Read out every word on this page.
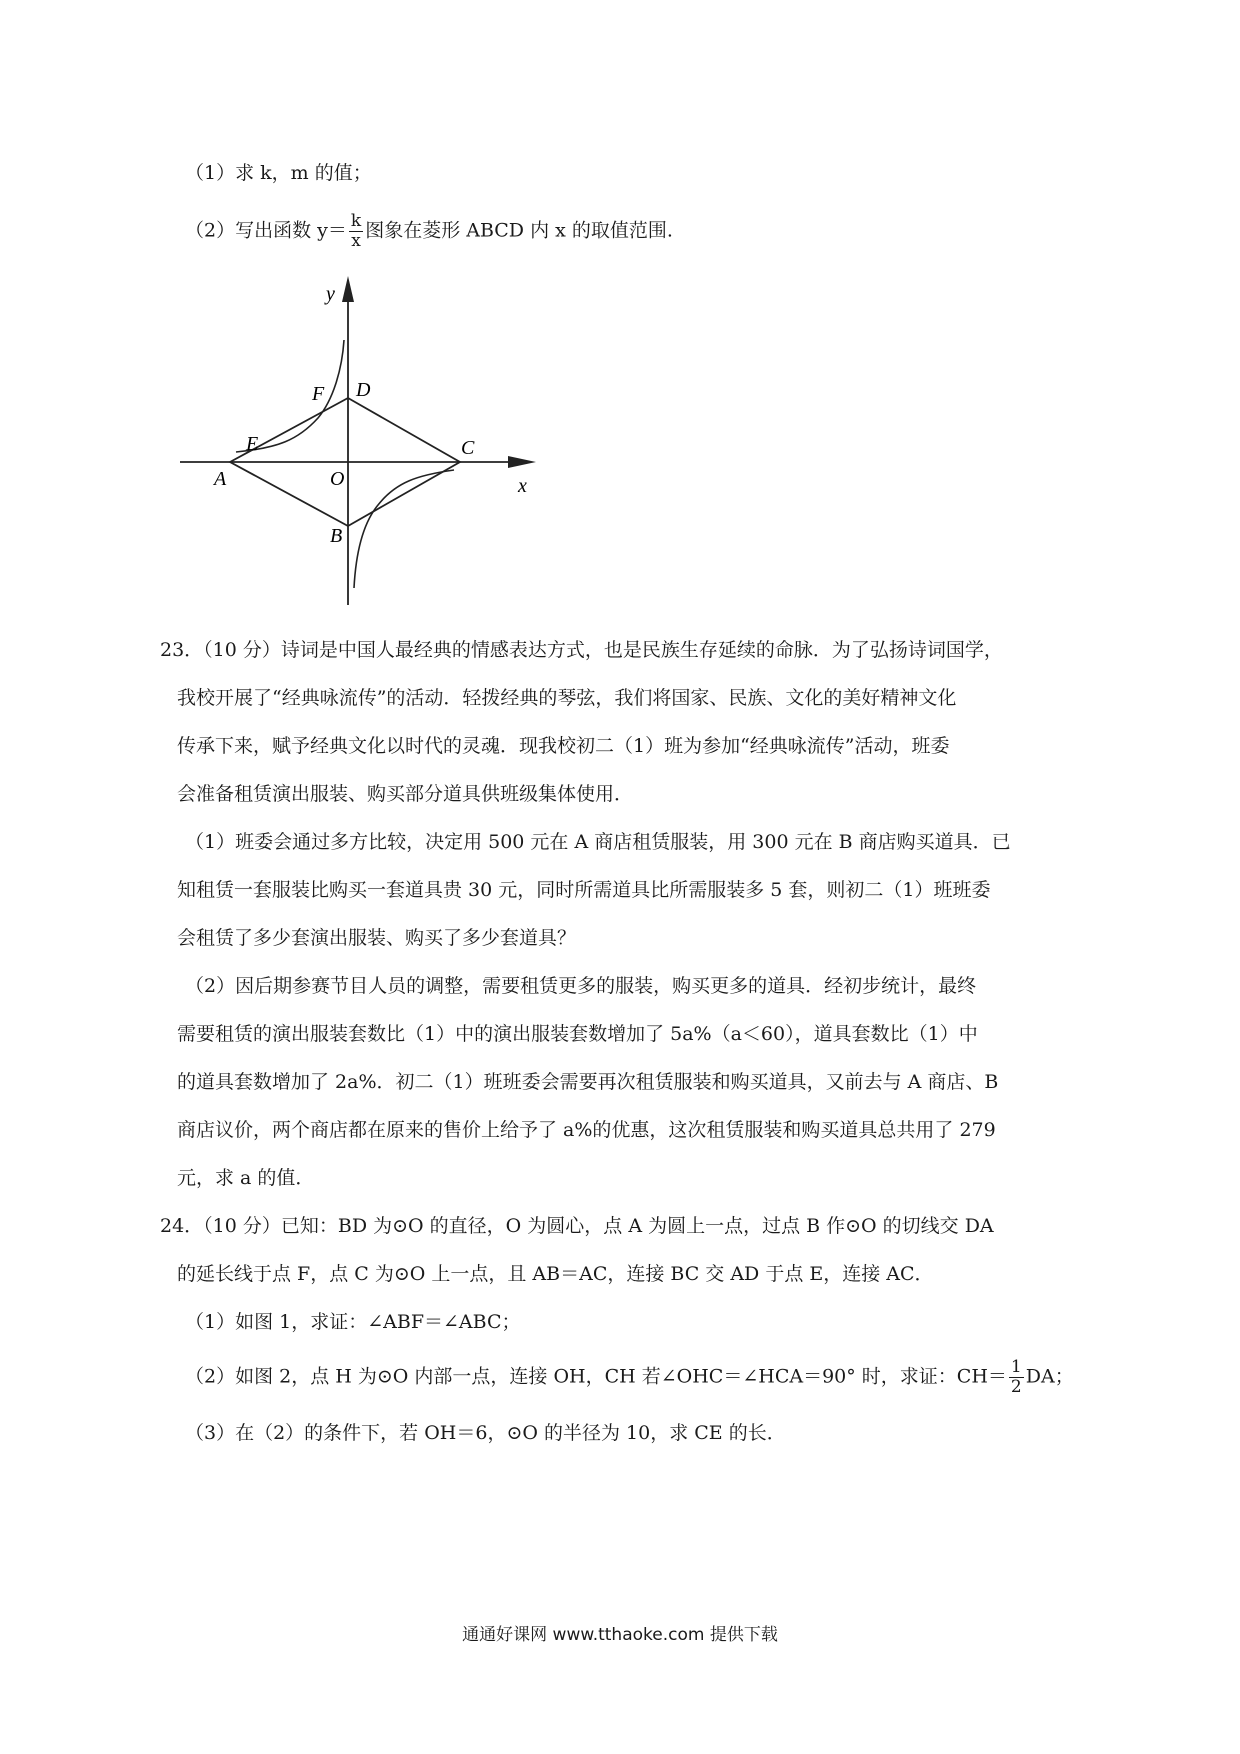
（1）求 k，m 的值；
（2）写出函数 $y= \frac{k}{x}$ 图象在菱形 ABCD 内 x 的取值范围.
y
x
D
F
E
A	O
C
B
23．（10 分）诗词是中国人最经典的情感表达方式，也是民族生存延续的命脉．为了弘扬诗词国学，
我校开展了“经典咏流传”的活动．轻拨经典的琴弦，我们将国家、民族、文化的美好精神文化
传承下来，赋予经典文化以时代的灵魂．现我校初二（1）班为参加“经典咏流传”活动，班委
会准备租赁演出服装、购买部分道具供班级集体使用．
（1）班委会通过多方比较，决定用 500 元在 A 商店租赁服装，用 300 元在 B 商店购买道具．已
知租赁一套服装比购买一套道具贵 30 元，同时所需道具比所需服装多 5 套，则初二（1）班班委
会租赁了多少套演出服装、购买了多少套道具？
（2）因后期参赛节目人员的调整，需要租赁更多的服装，购买更多的道具．经初步统计，最终
需要租赁的演出服装套数比（1）中的演出服装套数增加了 5a%（a＜60），道具套数比（1）中
的道具套数增加了 2a%．初二（1）班班委会需要再次租赁服装和购买道具，又前去与 A 商店、B
商店议价，两个商店都在原来的售价上给予了 a%的优惠，这次租赁服装和购买道具总共用了 279
元，求 a 的值．
24．（10 分）已知：BD 为⊙O 的直径，O 为圆心，点 A 为圆上一点，过点 B 作⊙O 的切线交 DA
的延长线于点 F，点 C 为⊙O 上一点，且 AB＝AC，连接 BC 交 AD 于点 E，连接 AC．
（1）如图 1，求证：∠ABF＝∠ABC；
（2）如图 2，点 H 为⊙O 内部一点，连接 OH，CH 若∠OHC＝∠HCA＝90° 时，求证：$CH= \frac{1}{2}$ DA；
（3）在（2）的条件下，若 OH＝6，⊙O 的半径为 10，求 CE 的长．
通通好课网 www.tthaoke.com 提供下载
